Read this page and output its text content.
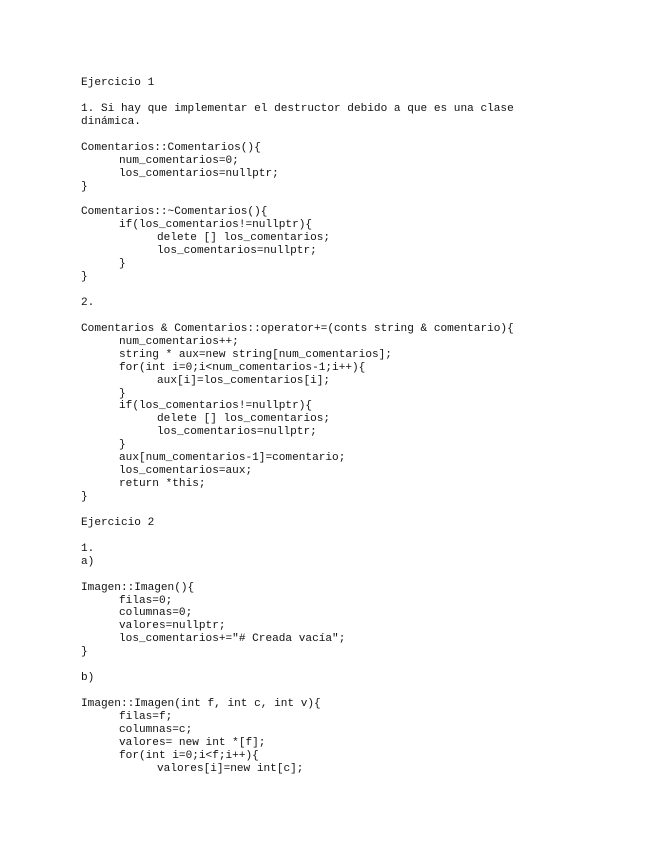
Ejercicio 1
1. Si hay que implementar el destructor debido a que es una clase
dinámica.
Comentarios::Comentarios(){
num_comentarios=0;
los_comentarios=nullptr;
}
Comentarios::~Comentarios(){
if(los_comentarios!=nullptr){
delete [] los_comentarios;
los_comentarios=nullptr;
}
}
2.
Comentarios & Comentarios::operator+=(conts string & comentario){
num_comentarios++;
string * aux=new string[num_comentarios];
for(int i=0;i<num_comentarios-1;i++){
aux[i]=los_comentarios[i];
}
if(los_comentarios!=nullptr){
delete [] los_comentarios;
los_comentarios=nullptr;
}
aux[num_comentarios-1]=comentario;
los_comentarios=aux;
return *this;
}
Ejercicio 2
1.
a)
Imagen::Imagen(){
filas=0;
columnas=0;
valores=nullptr;
los_comentarios+="# Creada vacía";
}
b)
Imagen::Imagen(int f, int c, int v){
filas=f;
columnas=c;
valores= new int *[f];
for(int i=0;i<f;i++){
valores[i]=new int[c];
